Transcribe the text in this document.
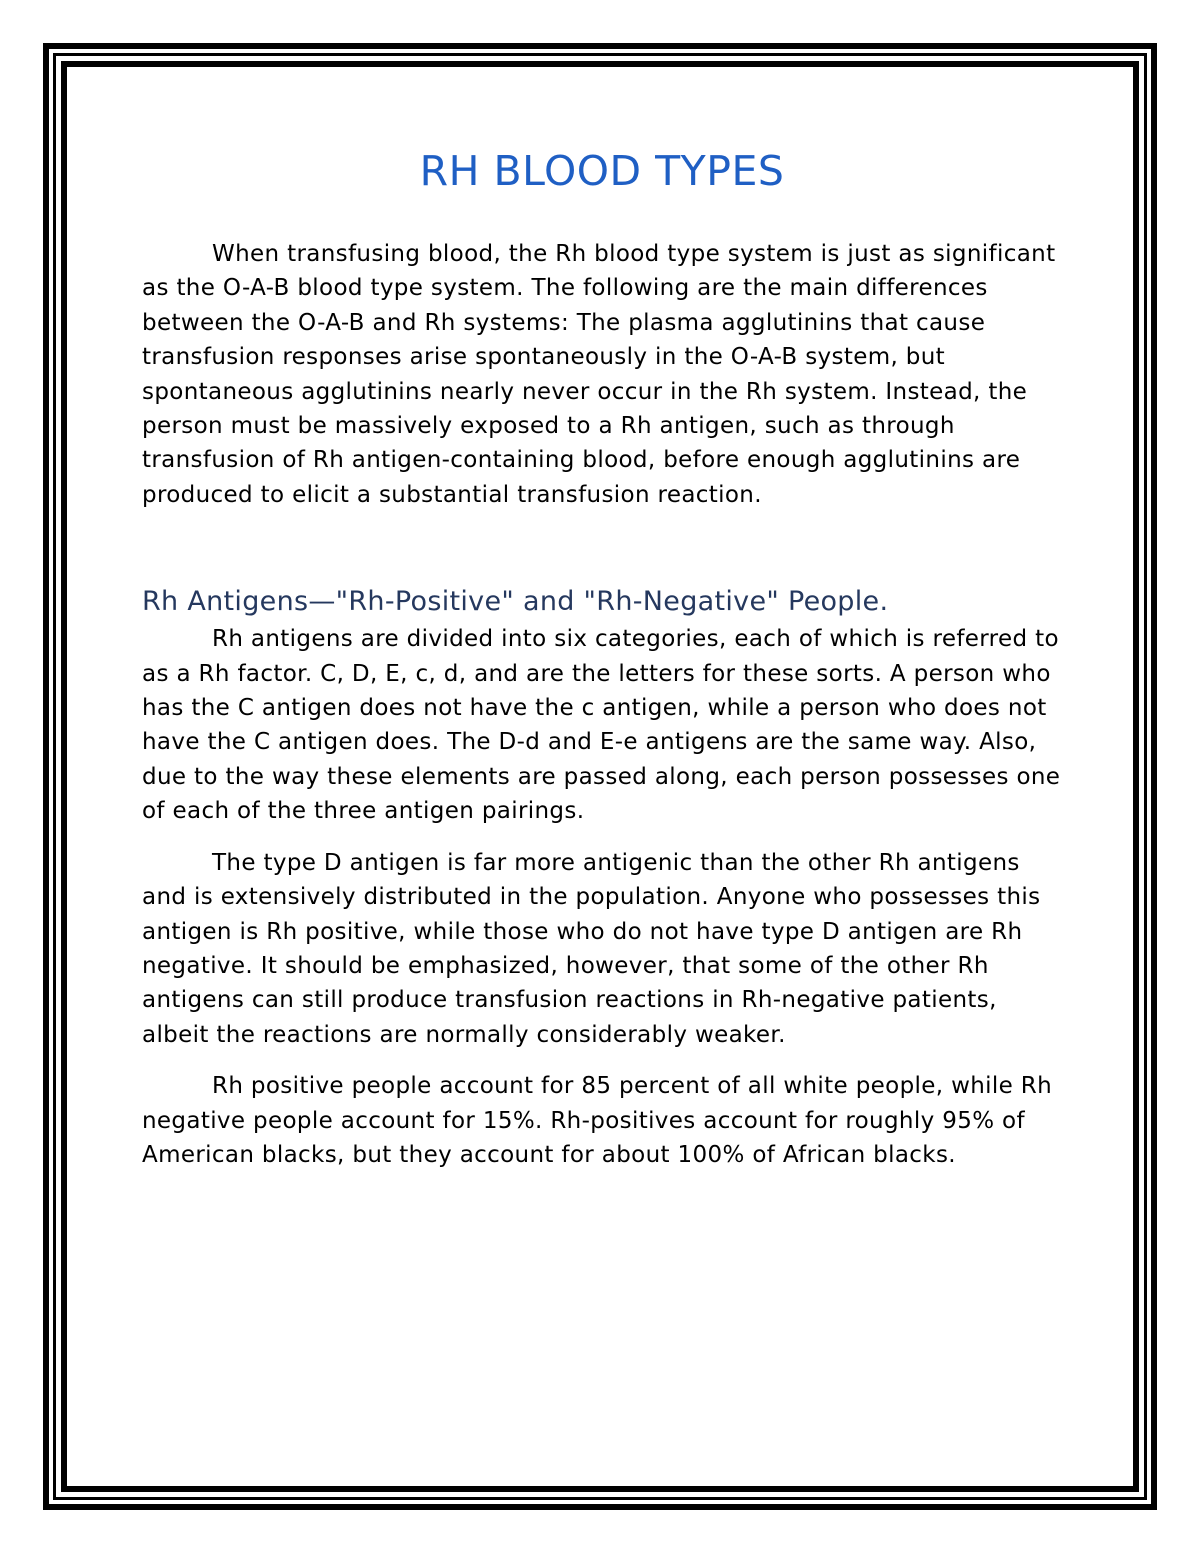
RH BLOOD TYPES

When transfusing blood, the Rh blood type system is just as significant as the O-A-B blood type system. The following are the main differences between the O-A-B and Rh systems: The plasma agglutinins that cause transfusion responses arise spontaneously in the O-A-B system, but spontaneous agglutinins nearly never occur in the Rh system. Instead, the person must be massively exposed to a Rh antigen, such as through transfusion of Rh antigen-containing blood, before enough agglutinins are produced to elicit a substantial transfusion reaction.

Rh Antigens—"Rh-Positive" and "Rh-Negative" People.

Rh antigens are divided into six categories, each of which is referred to as a Rh factor. C, D, E, c, d, and are the letters for these sorts. A person who has the C antigen does not have the c antigen, while a person who does not have the C antigen does. The D-d and E-e antigens are the same way. Also, due to the way these elements are passed along, each person possesses one of each of the three antigen pairings.

The type D antigen is far more antigenic than the other Rh antigens and is extensively distributed in the population. Anyone who possesses this antigen is Rh positive, while those who do not have type D antigen are Rh negative. It should be emphasized, however, that some of the other Rh antigens can still produce transfusion reactions in Rh-negative patients, albeit the reactions are normally considerably weaker.

Rh positive people account for 85 percent of all white people, while Rh negative people account for 15%. Rh-positives account for roughly 95% of American blacks, but they account for about 100% of African blacks.
